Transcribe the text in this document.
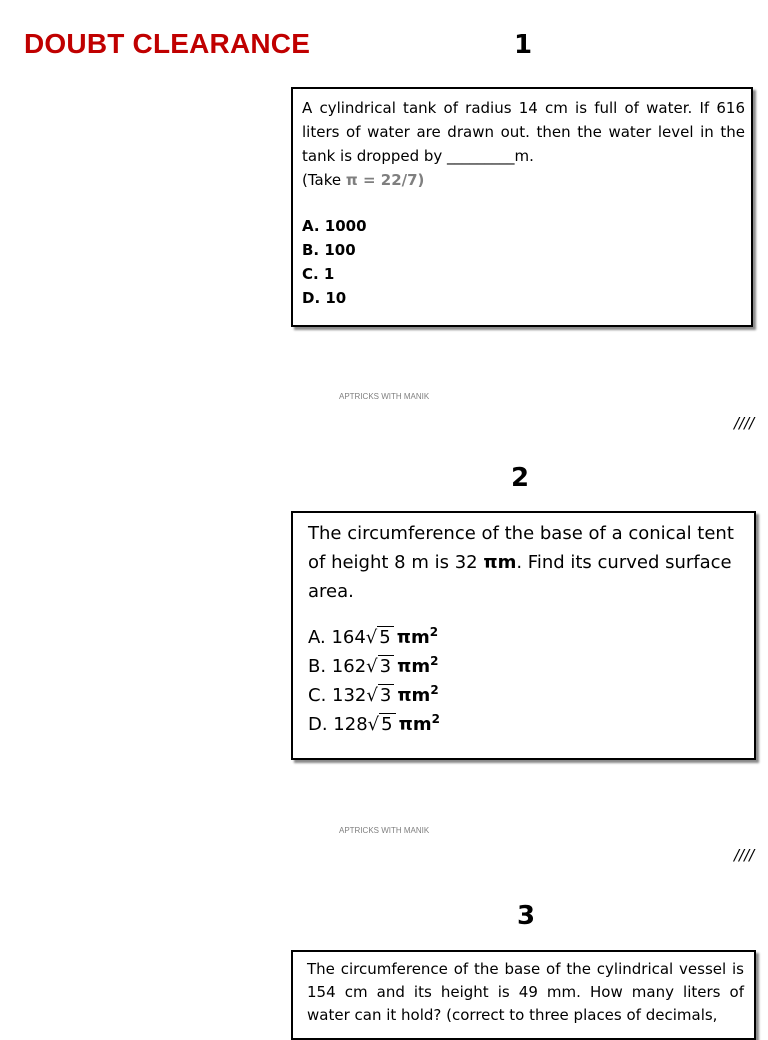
DOUBT CLEARANCE	1
A cylindrical tank of radius 14 cm is full of water. If 616 liters of water are drawn out. then the water level in the tank is dropped by _________m.
(Take π = 22/7)
A. 1000
B. 100
C. 1
D. 10
APTRICKS WITH MANIK
////
2
The circumference of the base of a conical tent of height 8 m is 32 πm. Find its curved surface area.
A. 164√ 5 $\pi m^2$
B. 162√ 3 $\pi m^2$
C. 132√ 3 $\pi m^2$
D. 128√ 5 $\pi m^2$
APTRICKS WITH MANIK
////
3
The circumference of the base of the cylindrical vessel is 154 cm and its height is 49 mm. How many liters of water can it hold? (correct to three places of decimals,
